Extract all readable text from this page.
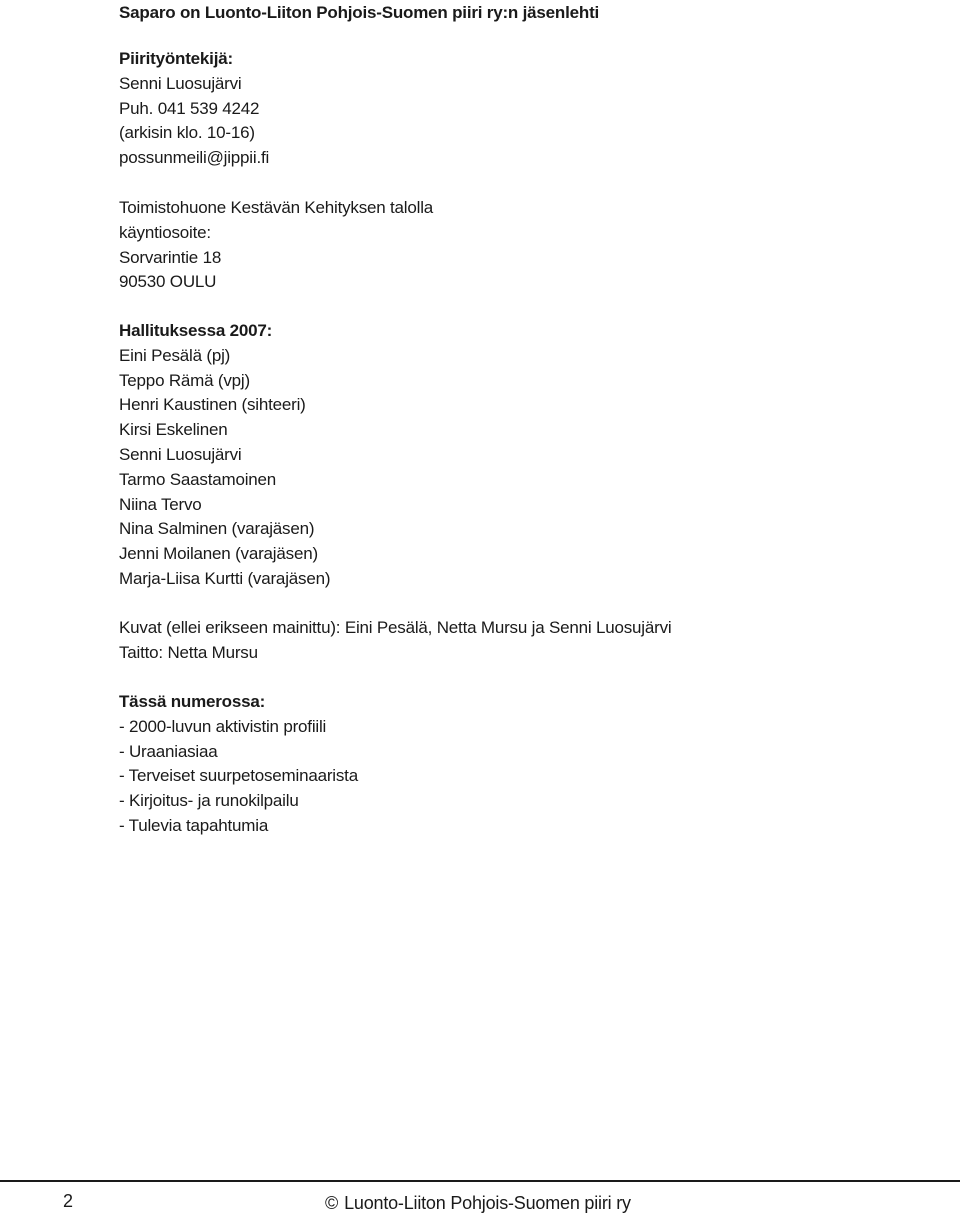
Saparo on Luonto-Liiton Pohjois-Suomen piiri ry:n jäsenlehti
Piirityöntekijä:
Senni Luosujärvi
Puh. 041 539 4242
(arkisin klo. 10-16)
possunmeili@jippii.fi
Toimistohuone Kestävän Kehityksen talolla
käyntiosoite:
Sorvarintie 18
90530 OULU
Hallituksessa 2007:
Eini Pesälä (pj)
Teppo Rämä (vpj)
Henri Kaustinen (sihteeri)
Kirsi Eskelinen
Senni Luosujärvi
Tarmo Saastamoinen
Niina Tervo
Nina Salminen (varajäsen)
Jenni Moilanen (varajäsen)
Marja-Liisa Kurtti (varajäsen)
Kuvat (ellei erikseen mainittu): Eini Pesälä, Netta Mursu ja Senni Luosujärvi
Taitto: Netta Mursu
Tässä numerossa:
- 2000-luvun aktivistin profiili
- Uraaniasiaa
- Terveiset suurpetoseminaarista
- Kirjoitus- ja runokilpailu
- Tulevia tapahtumia
2	© Luonto-Liiton Pohjois-Suomen piiri ry
